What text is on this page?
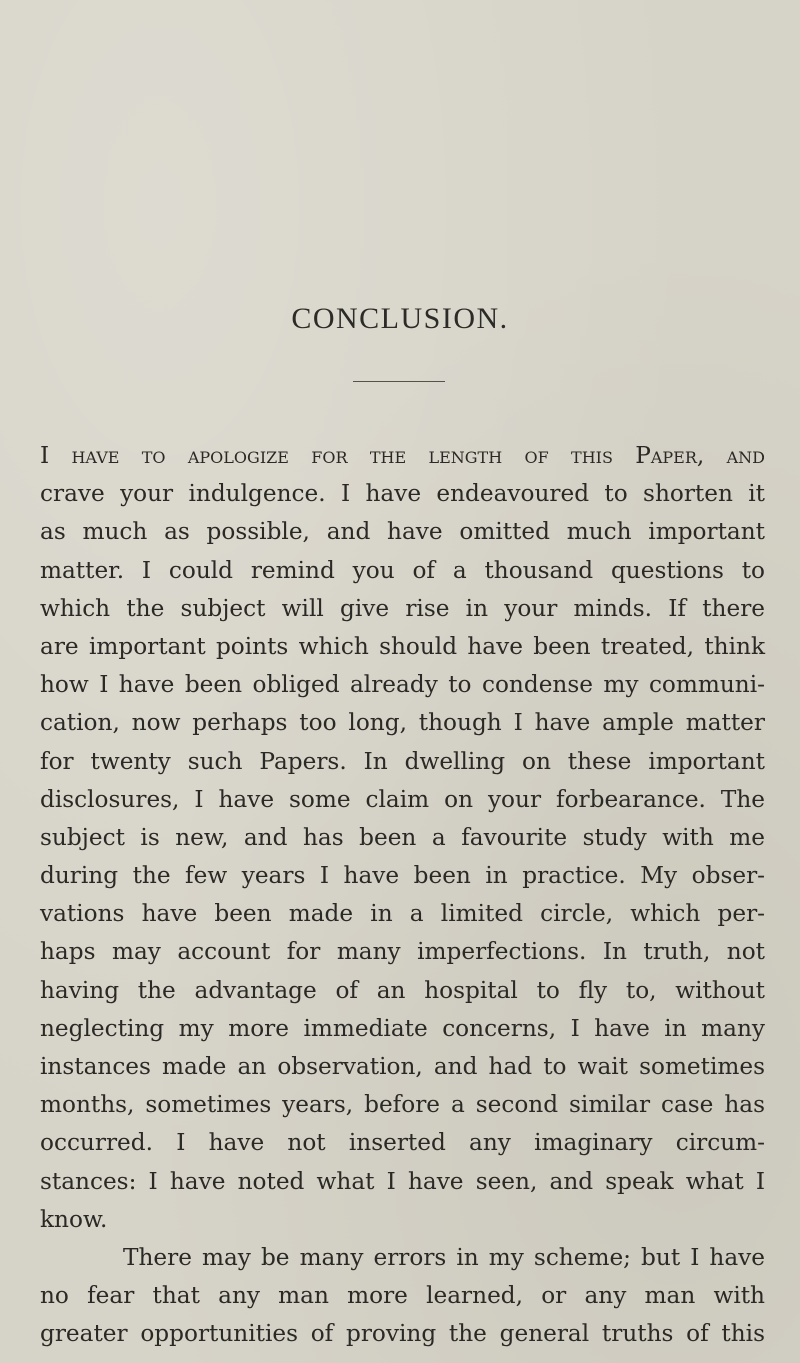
CONCLUSION.
I have to apologize for the length of this Paper, and
crave your indulgence. I have endeavoured to shorten it
as much as possible, and have omitted much important
matter. I could remind you of a thousand questions to
which the subject will give rise in your minds. If there
are important points which should have been treated, think
how I have been obliged already to condense my communi-
cation, now perhaps too long, though I have ample matter
for twenty such Papers. In dwelling on these important
disclosures, I have some claim on your forbearance. The
subject is new, and has been a favourite study with me
during the few years I have been in practice. My obser-
vations have been made in a limited circle, which per-
haps may account for many imperfections. In truth, not
having the advantage of an hospital to fly to, without
neglecting my more immediate concerns, I have in many
instances made an observation, and had to wait sometimes
months, sometimes years, before a second similar case has
occurred. I have not inserted any imaginary circum-
stances: I have noted what I have seen, and speak what I
know.
There may be many errors in my scheme; but I have
no fear that any man more learned, or any man with
greater opportunities of proving the general truths of this
